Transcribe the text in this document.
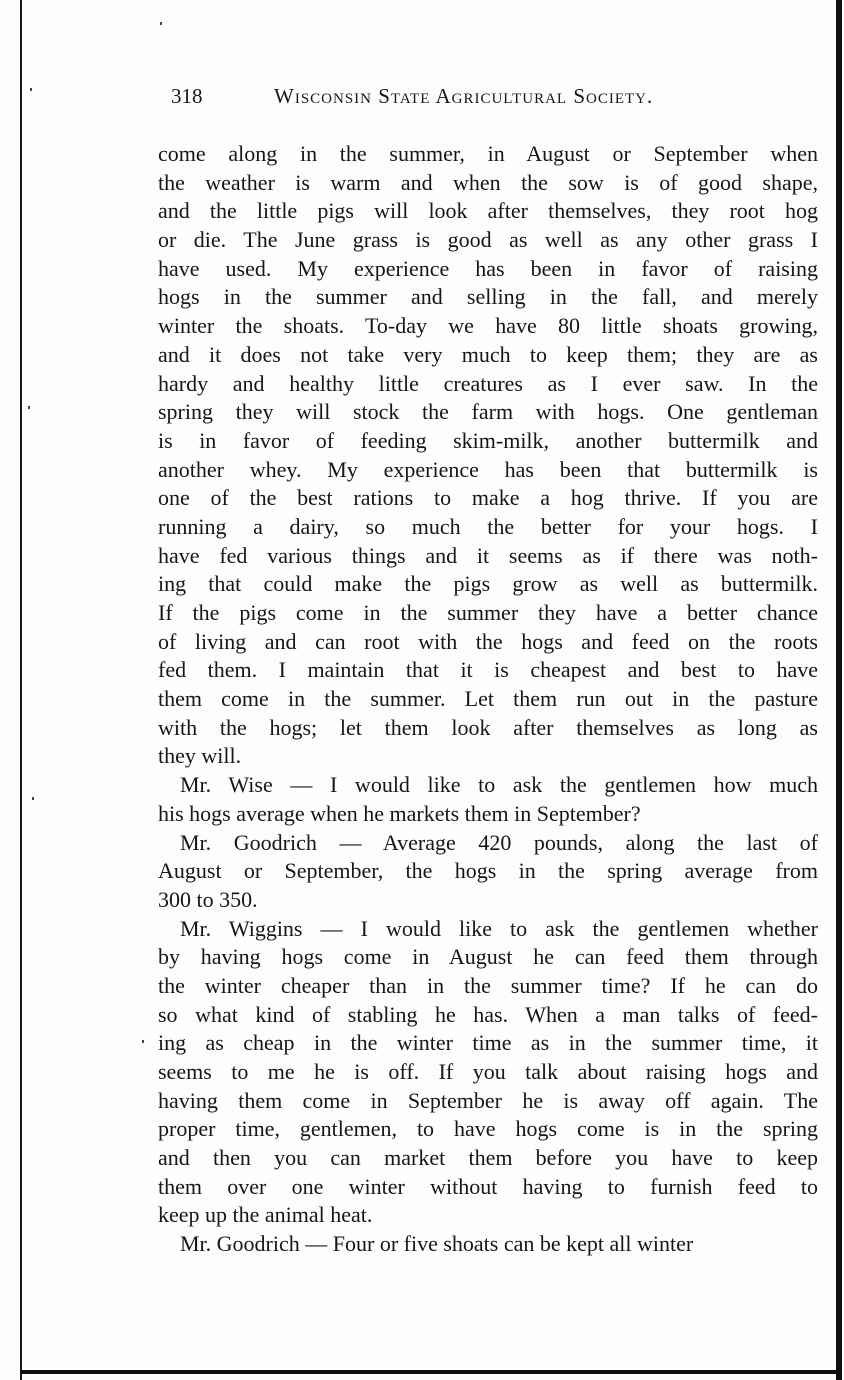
318	Wisconsin State Agricultural Society.
come along in the summer, in August or September when
the weather is warm and when the sow is of good shape,
and the little pigs will look after themselves, they root hog
or die. The June grass is good as well as any other grass I
have used. My experience has been in favor of raising
hogs in the summer and selling in the fall, and merely
winter the shoats. To-day we have 80 little shoats growing,
and it does not take very much to keep them; they are as
hardy and healthy little creatures as I ever saw. In the
spring they will stock the farm with hogs. One gentleman
is in favor of feeding skim-milk, another buttermilk and
another whey. My experience has been that buttermilk is
one of the best rations to make a hog thrive. If you are
running a dairy, so much the better for your hogs. I
have fed various things and it seems as if there was noth-
ing that could make the pigs grow as well as buttermilk.
If the pigs come in the summer they have a better chance
of living and can root with the hogs and feed on the roots
fed them. I maintain that it is cheapest and best to have
them come in the summer. Let them run out in the pasture
with the hogs; let them look after themselves as long as
they will.
Mr. Wise — I would like to ask the gentlemen how much
his hogs average when he markets them in September?
Mr. Goodrich — Average 420 pounds, along the last of
August or September, the hogs in the spring average from
300 to 350.
Mr. Wiggins — I would like to ask the gentlemen whether
by having hogs come in August he can feed them through
the winter cheaper than in the summer time? If he can do
so what kind of stabling he has. When a man talks of feed-
ing as cheap in the winter time as in the summer time, it
seems to me he is off. If you talk about raising hogs and
having them come in September he is away off again. The
proper time, gentlemen, to have hogs come is in the spring
and then you can market them before you have to keep
them over one winter without having to furnish feed to
keep up the animal heat.
Mr. Goodrich — Four or five shoats can be kept all winter
